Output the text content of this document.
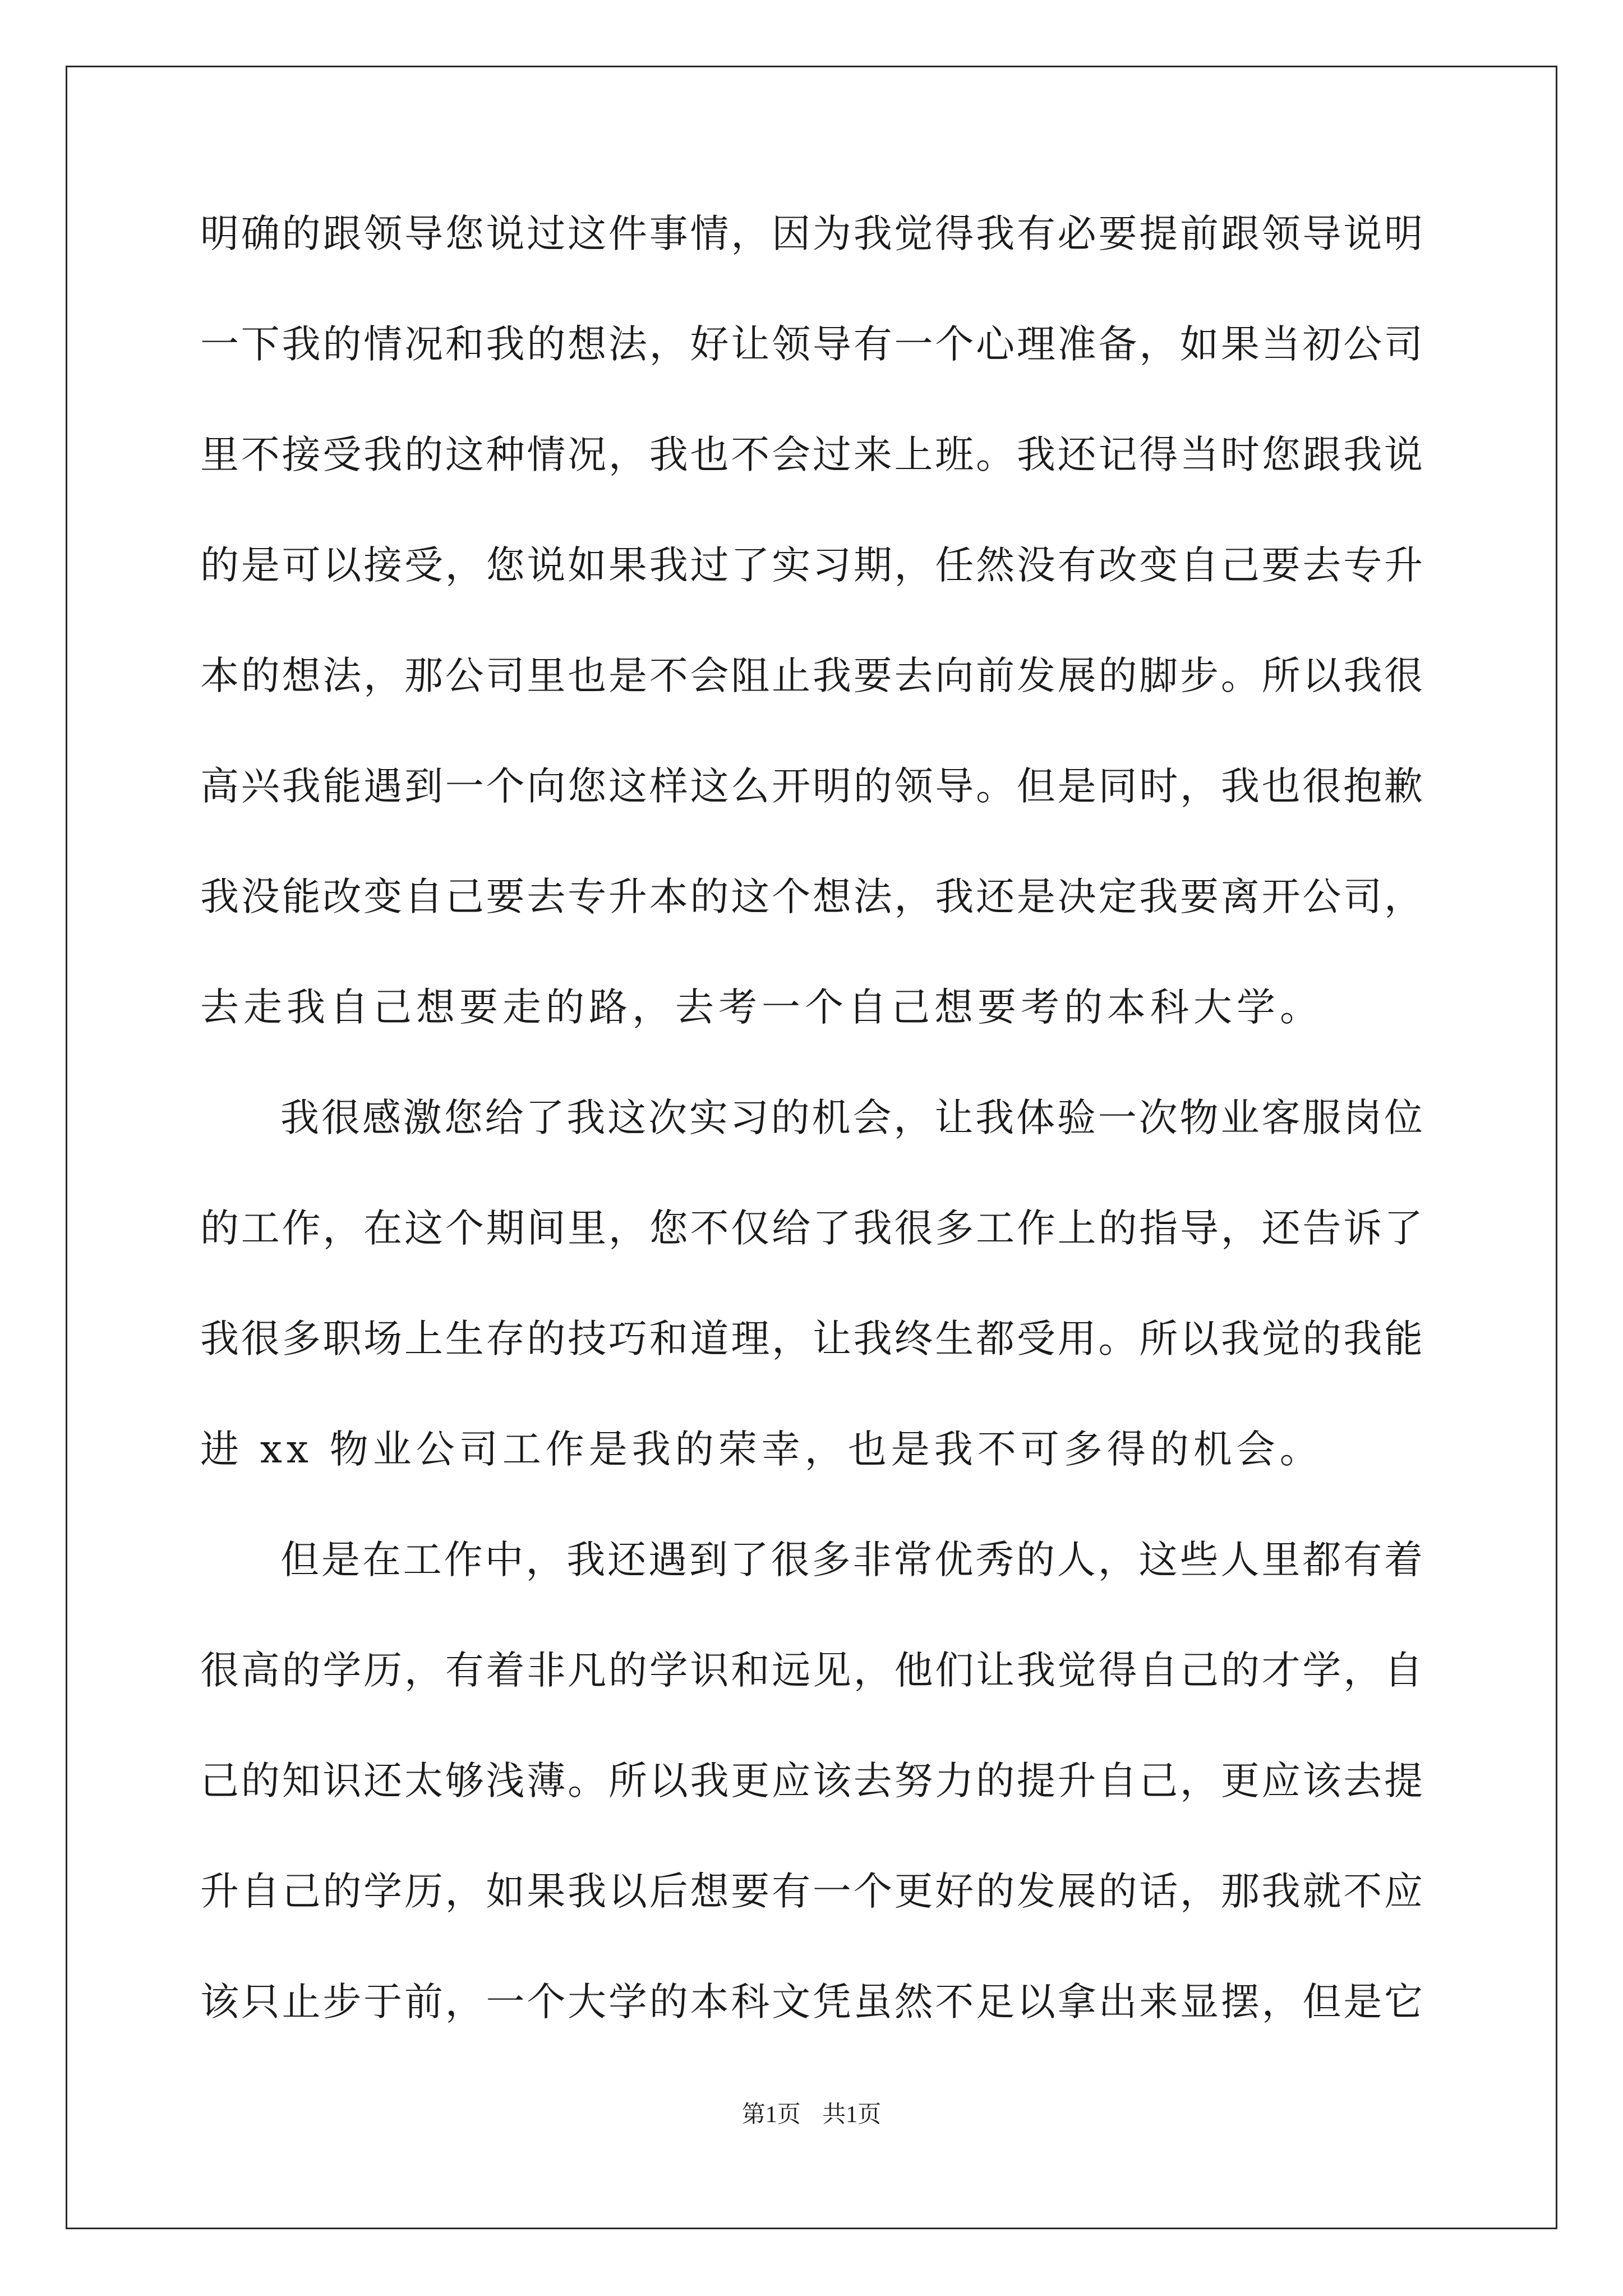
明确的跟领导您说过这件事情，因为我觉得我有必要提前跟领导说明
一下我的情况和我的想法，好让领导有一个心理准备，如果当初公司
里不接受我的这种情况，我也不会过来上班。我还记得当时您跟我说
的是可以接受，您说如果我过了实习期，任然没有改变自己要去专升
本的想法，那公司里也是不会阻止我要去向前发展的脚步。所以我很
高兴我能遇到一个向您这样这么开明的领导。但是同时，我也很抱歉
我没能改变自己要去专升本的这个想法，我还是决定我要离开公司，
去走我自己想要走的路，去考一个自己想要考的本科大学。
我很感激您给了我这次实习的机会，让我体验一次物业客服岗位
的工作，在这个期间里，您不仅给了我很多工作上的指导，还告诉了
我很多职场上生存的技巧和道理，让我终生都受用。所以我觉的我能
进 xx 物业公司工作是我的荣幸，也是我不可多得的机会。
但是在工作中，我还遇到了很多非常优秀的人，这些人里都有着
很高的学历，有着非凡的学识和远见，他们让我觉得自己的才学，自
己的知识还太够浅薄。所以我更应该去努力的提升自己，更应该去提
升自己的学历，如果我以后想要有一个更好的发展的话，那我就不应
该只止步于前，一个大学的本科文凭虽然不足以拿出来显摆，但是它
第1页 共1页
